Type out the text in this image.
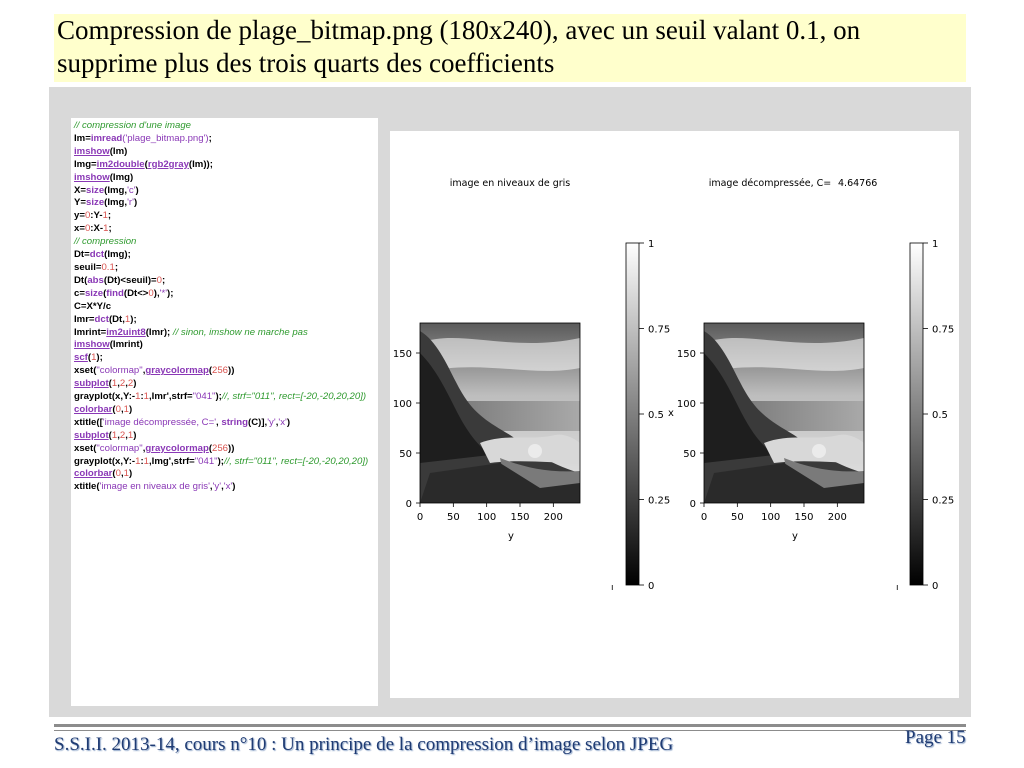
Compression de plage_bitmap.png (180x240), avec un seuil valant 0.1, on supprime plus des trois quarts des coefficients
// compression d'une image
Im=imread('plage_bitmap.png');
imshow(Im)
Img=im2double(rgb2gray(Im));
imshow(Img)
X=size(Img,'c')
Y=size(Img,'r')
y=0:Y-1;
x=0:X-1;
// compression
Dt=dct(Img);
seuil=0.1;
Dt(abs(Dt)<seuil)=0;
c=size(find(Dt<>0),'*');
C=X*Y/c
Imr=dct(Dt,1);
Imrint=im2uint8(Imr); // sinon, imshow ne marche pas
imshow(Imrint)
scf(1);
xset("colormap",graycolormap(256))
subplot(1,2,2)
grayplot(x,Y:-1:1,Imr',strf="041");//, strf="011", rect=[-20,-20,20,20])
colorbar(0,1)
xtitle(['image décompressée, C=', string(C)],'y','x')
subplot(1,2,1)
xset("colormap",graycolormap(256))
grayplot(x,Y:-1:1,Img',strf="041");//, strf="011", rect=[-20,-20,20,20])
colorbar(0,1)
xtitle('image en niveaux de gris','y','x')
image en niveaux de gris
0 50 100 150 200
0
50
100
150
y
1
0.75
0.5
0.25
0
ı
image décompressée, C= 4.64766
0 50 100 150 200
0
50
100
150
y
1
0.75
0.5
0.25
0
ı
x
S.S.I.I. 2013-14, cours n°10 : Un principe de la compression d’image selon JPEG	Page 15
